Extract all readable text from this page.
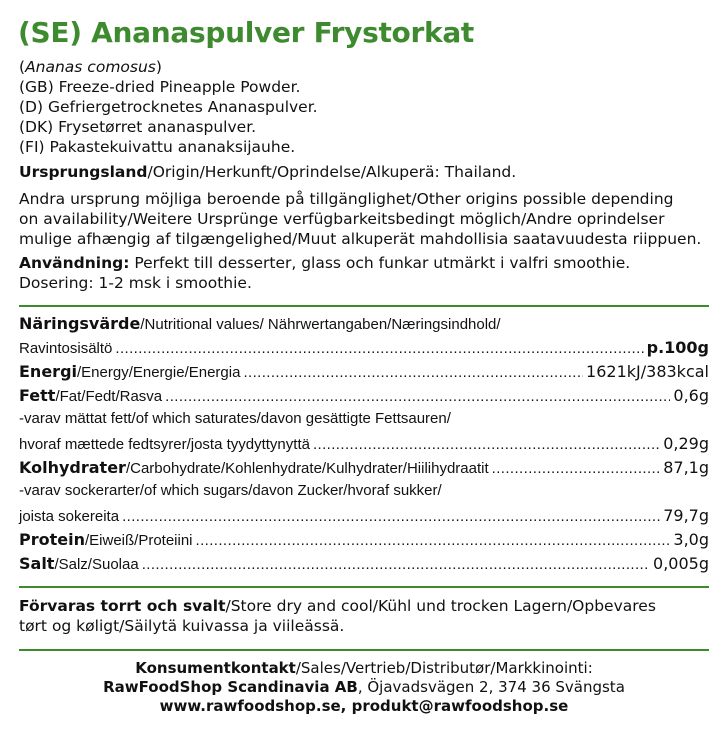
(SE) Ananaspulver Frystorkat
(Ananas comosus)
(GB) Freeze-dried Pineapple Powder.
(D) Gefriergetrocknetes Ananaspulver.
(DK) Frysetørret ananaspulver.
(FI) Pakastekuivattu ananaksijauhe.
Ursprungsland/Origin/Herkunft/Oprindelse/Alkuperä: Thailand.
Andra ursprung möjliga beroende på tillgänglighet/Other origins possible depending
on availability/Weitere Ursprünge verfügbarkeitsbedingt möglich/Andre oprindelser
mulige afhængig af tilgængelighed/Muut alkuperät mahdollisia saatavuudesta riippuen.
Användning: Perfekt till desserter, glass och funkar utmärkt i valfri smoothie.
Dosering: 1-2 msk i smoothie.
Näringsvärde/Nutritional values/ Nährwertangaben/Næringsindhold/
Ravintosisältö .....	p.100g
Energi/Energy/Energie/Energia .....	1621kJ/383kcal
Fett/Fat/Fedt/Rasva .....	0,6g
-varav mättat fett/of which saturates/davon gesättigte Fettsauren/
hvoraf mættede fedtsyrer/josta tyydyttynyttä .....	0,29g
Kolhydrater/Carbohydrate/Kohlenhydrate/Kulhydrater/Hiilihydraatit .....	87,1g
-varav sockerarter/of which sugars/davon Zucker/hvoraf sukker/
joista sokereita .....	79,7g
Protein/Eiweiß/Proteiini .....	3,0g
Salt/Salz/Suolaa .....	0,005g
Förvaras torrt och svalt/Store dry and cool/Kühl und trocken Lagern/Opbevares
tørt og køligt/Säilytä kuivassa ja viileässä.
Konsumentkontakt/Sales/Vertrieb/Distributør/Markkinointi:
RawFoodShop Scandinavia AB, Öjavadsvägen 2, 374 36 Svängsta
www.rawfoodshop.se, produkt@rawfoodshop.se
